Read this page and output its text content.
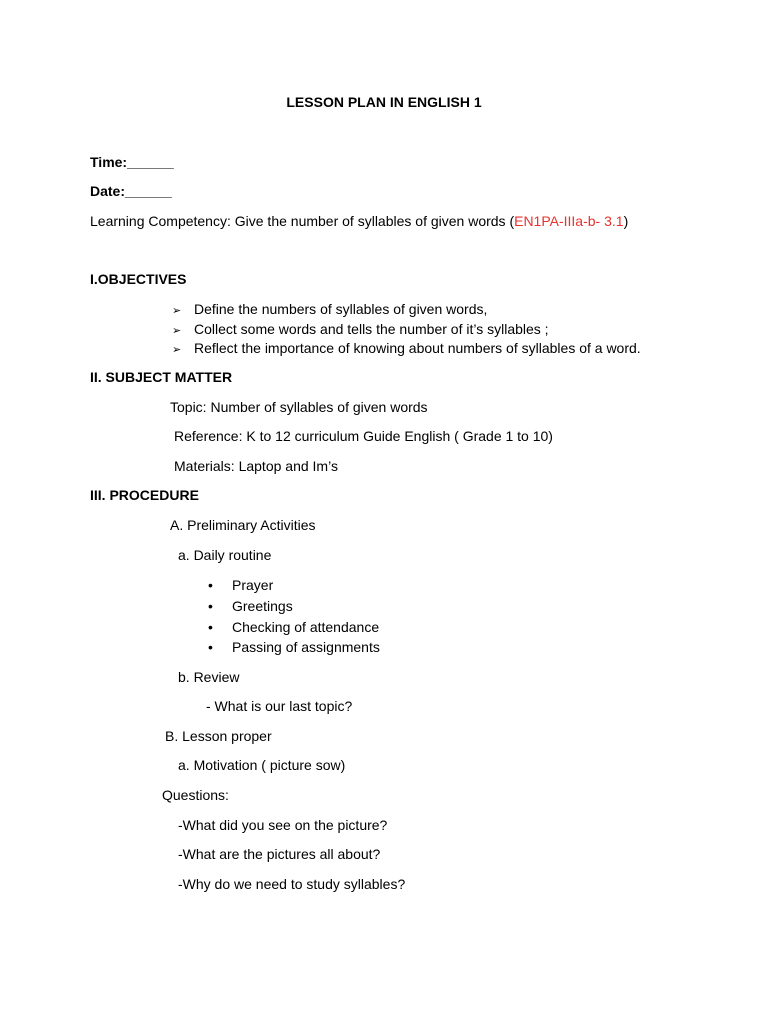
LESSON PLAN IN ENGLISH 1
Time:______
Date:______
Learning Competency: Give the number of syllables of given words (EN1PA-IIIa-b- 3.1)
I.OBJECTIVES
➢ Define the numbers of syllables of given words,
➢ Collect some words and tells the number of it’s syllables ;
➢ Reflect the importance of knowing about numbers of syllables of a word.
II. SUBJECT MATTER
Topic: Number of syllables of given words
Reference: K to 12 curriculum Guide English ( Grade 1 to 10)
Materials: Laptop and Im’s
III. PROCEDURE
A. Preliminary Activities
a. Daily routine
• Prayer
• Greetings
• Checking of attendance
• Passing of assignments
b. Review
- What is our last topic?
B. Lesson proper
a. Motivation ( picture sow)
Questions:
-What did you see on the picture?
-What are the pictures all about?
-Why do we need to study syllables?
